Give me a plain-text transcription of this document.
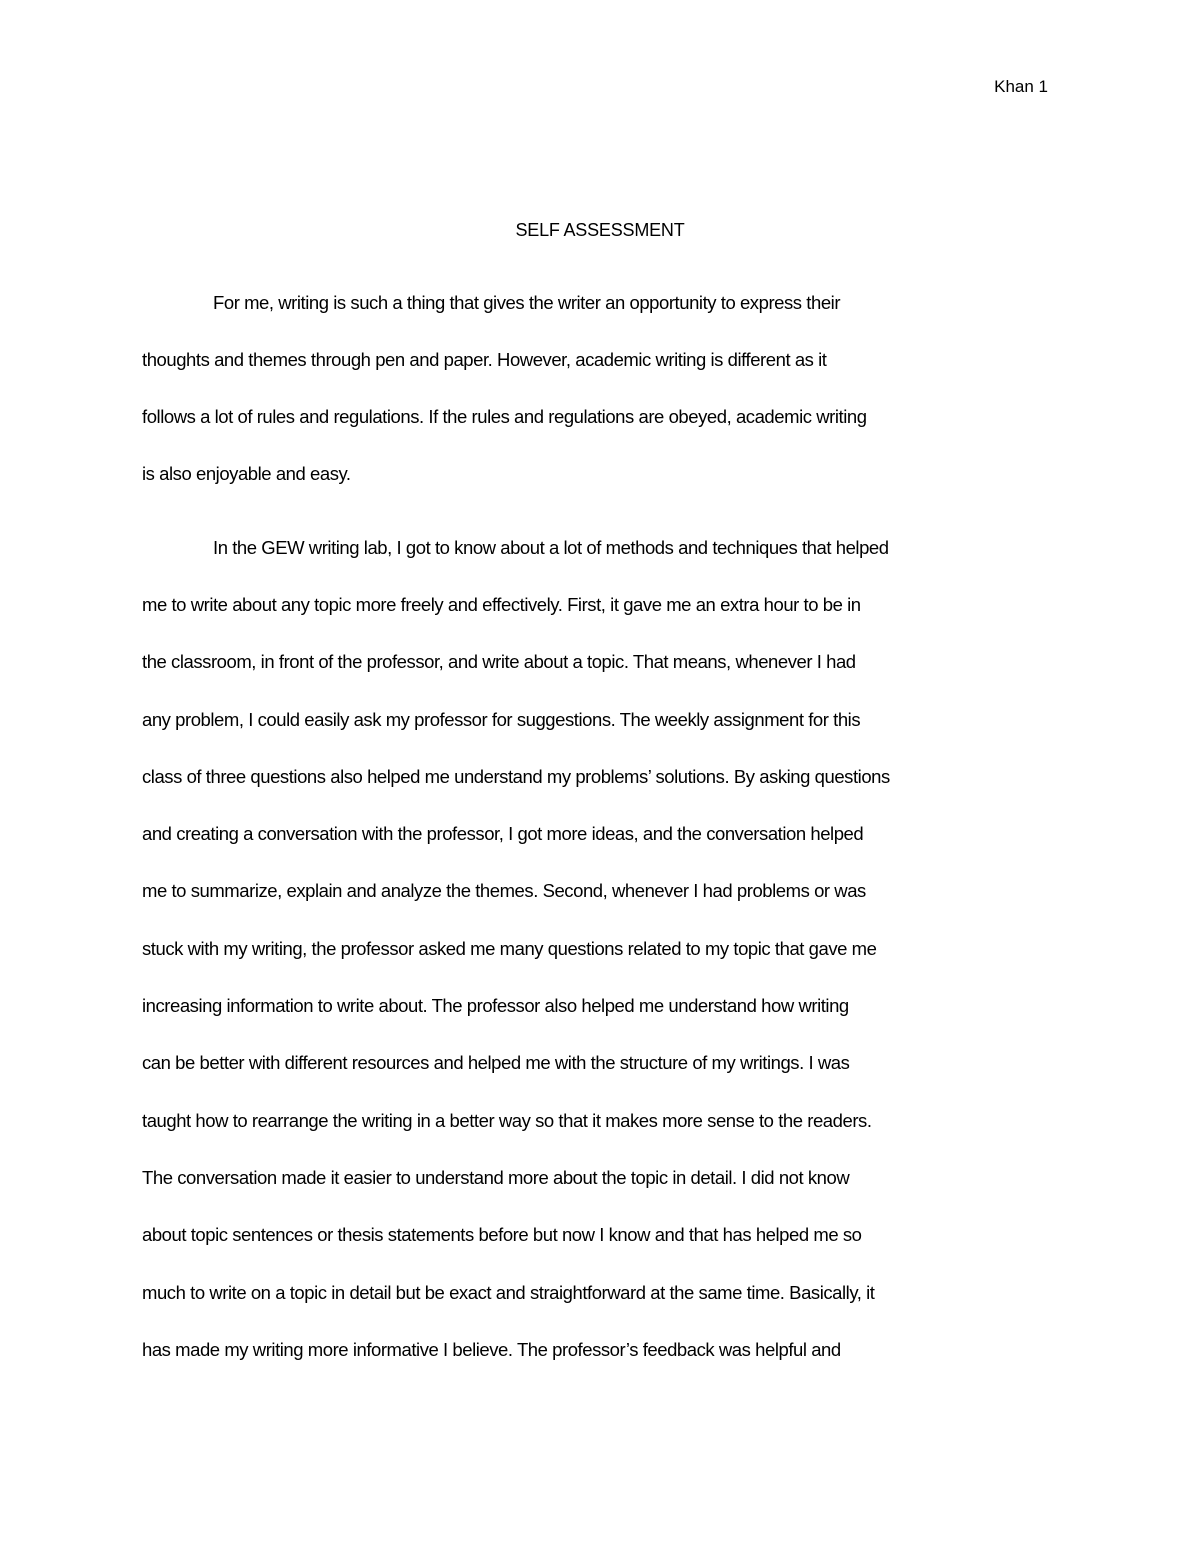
Khan 1
SELF ASSESSMENT
For me, writing is such a thing that gives the writer an opportunity to express their
thoughts and themes through pen and paper. However, academic writing is different as it
follows a lot of rules and regulations. If the rules and regulations are obeyed, academic writing
is also enjoyable and easy.
In the GEW writing lab, I got to know about a lot of methods and techniques that helped
me to write about any topic more freely and effectively. First, it gave me an extra hour to be in
the classroom, in front of the professor, and write about a topic. That means, whenever I had
any problem, I could easily ask my professor for suggestions. The weekly assignment for this
class of three questions also helped me understand my problems’ solutions. By asking questions
and creating a conversation with the professor, I got more ideas, and the conversation helped
me to summarize, explain and analyze the themes. Second, whenever I had problems or was
stuck with my writing, the professor asked me many questions related to my topic that gave me
increasing information to write about. The professor also helped me understand how writing
can be better with different resources and helped me with the structure of my writings. I was
taught how to rearrange the writing in a better way so that it makes more sense to the readers.
The conversation made it easier to understand more about the topic in detail. I did not know
about topic sentences or thesis statements before but now I know and that has helped me so
much to write on a topic in detail but be exact and straightforward at the same time. Basically, it
has made my writing more informative I believe. The professor’s feedback was helpful and
